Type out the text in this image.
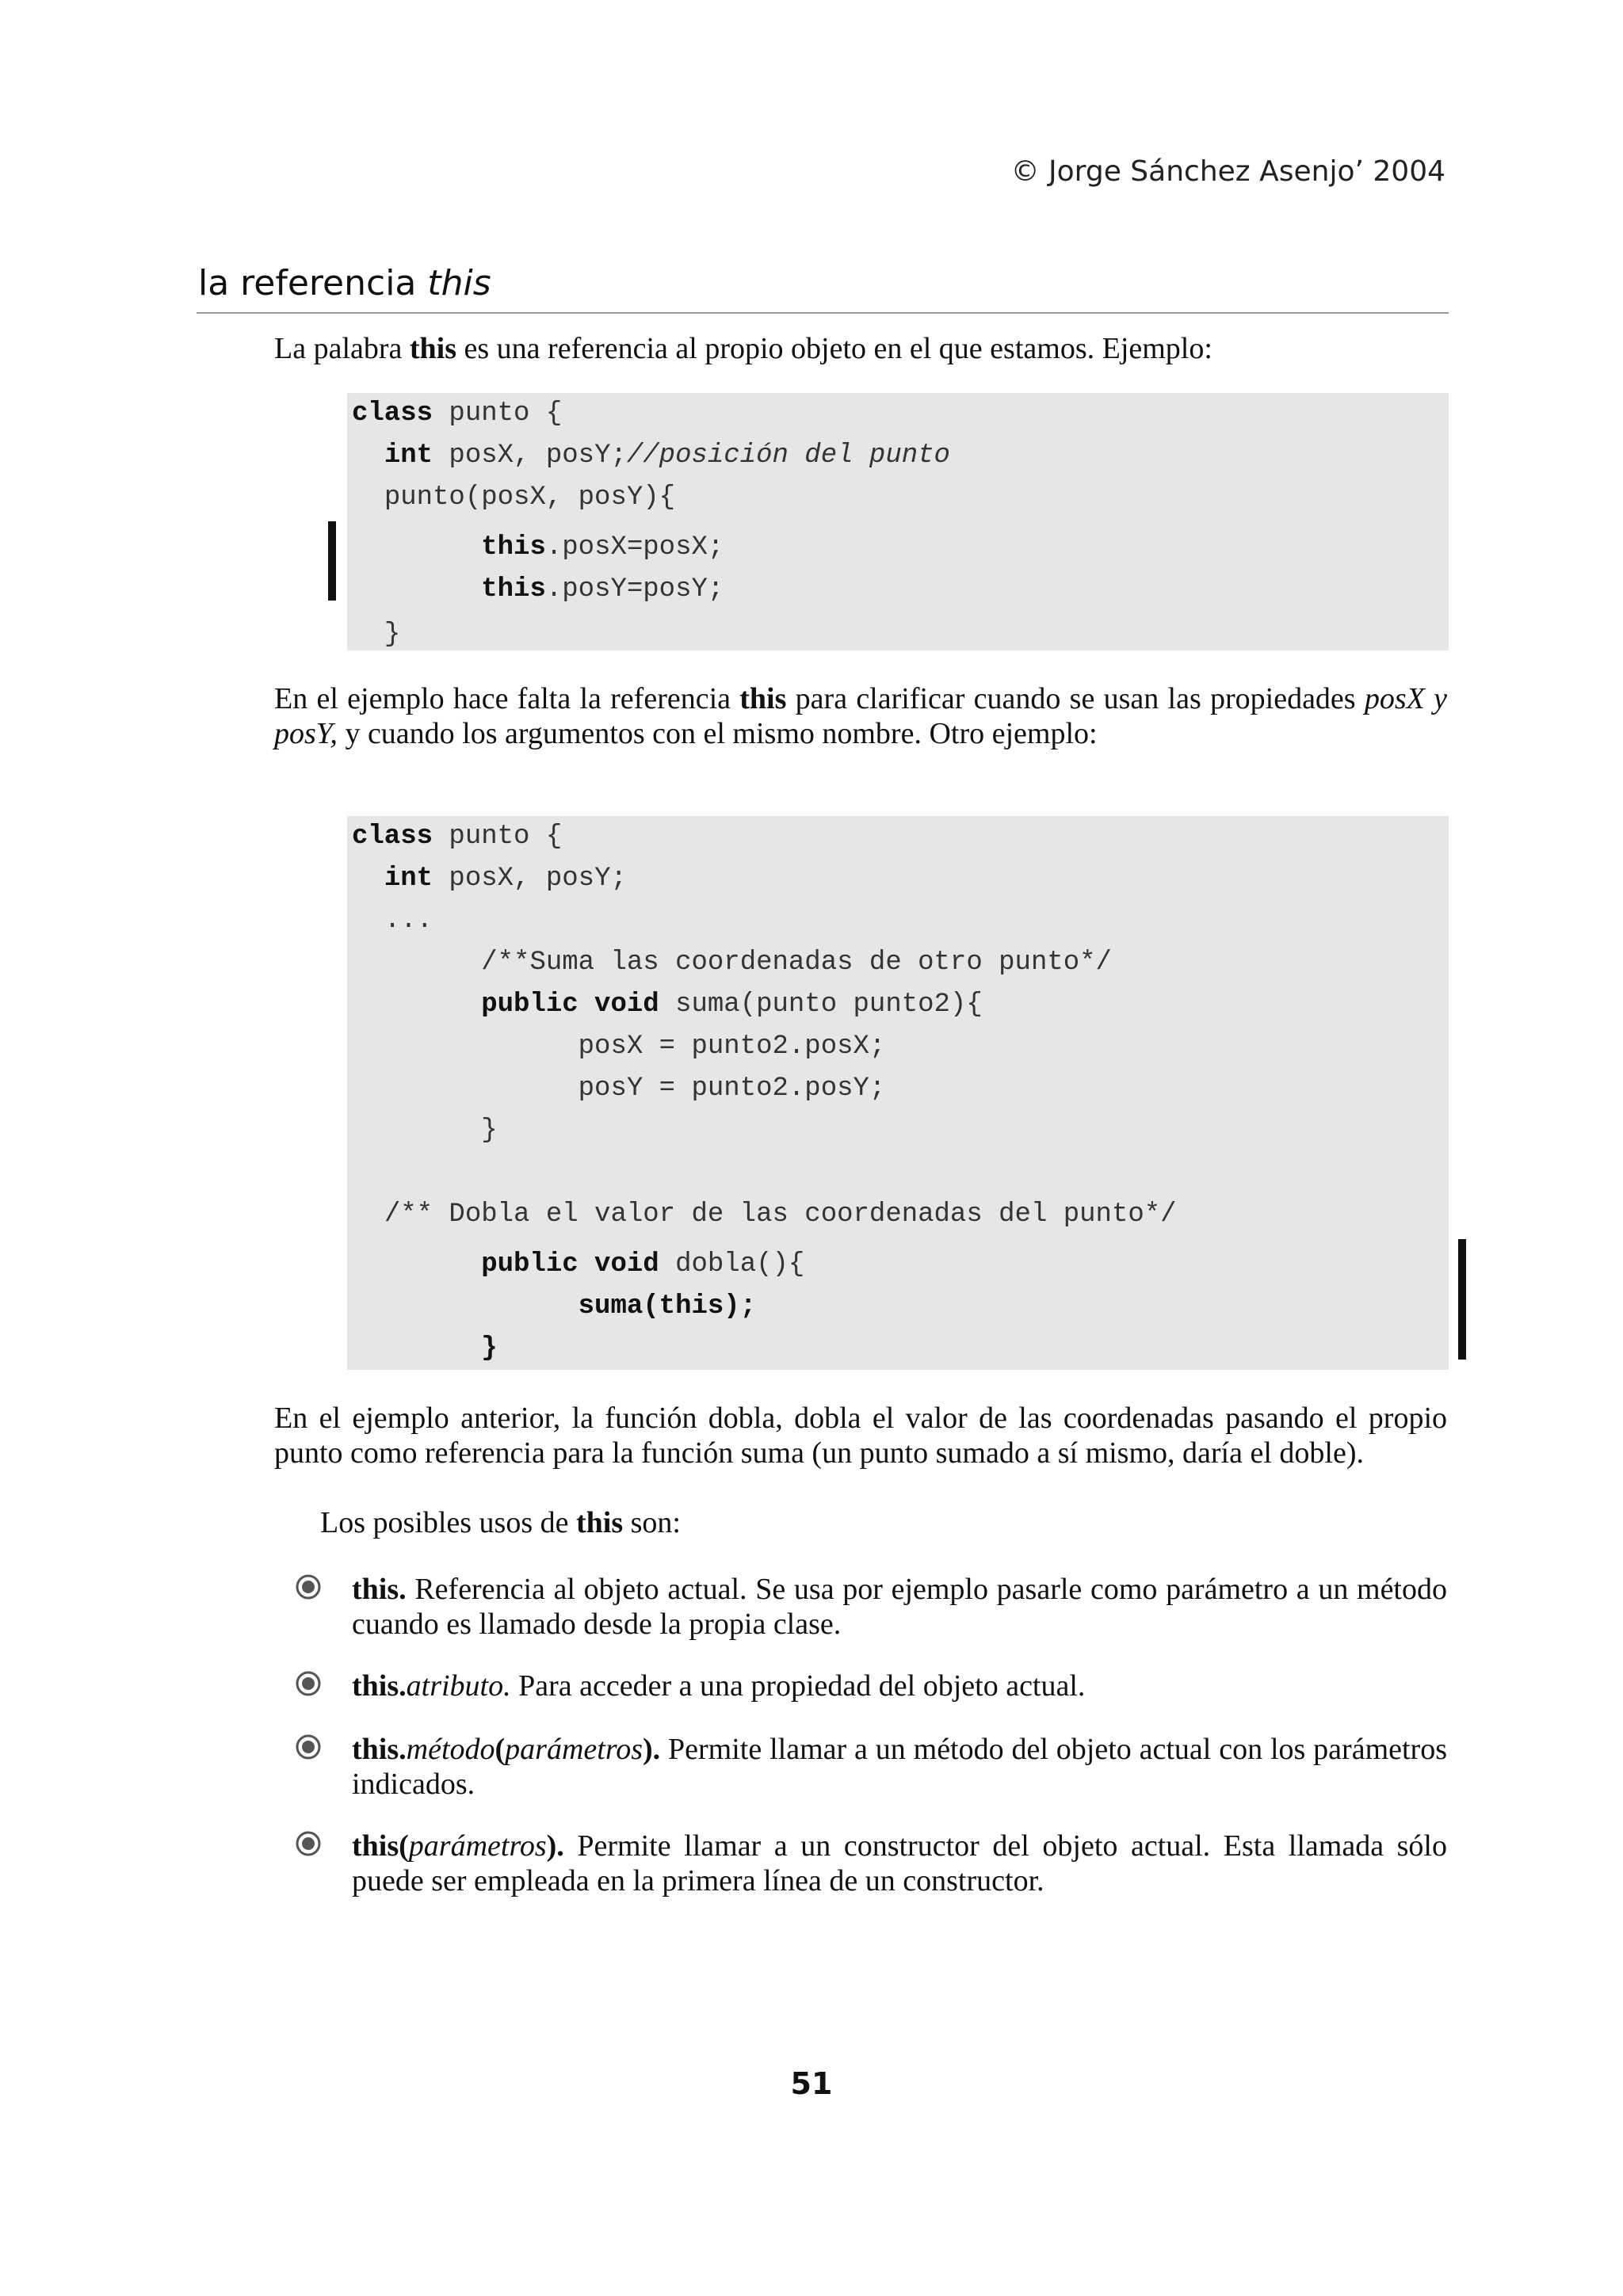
© Jorge Sánchez Asenjo’ 2004
la referencia this

La palabra this es una referencia al propio objeto en el que estamos. Ejemplo:

class punto {
int posX, posY;//posición del punto
punto(posX, posY){
this.posX=posX;
this.posY=posY;
}

En el ejemplo hace falta la referencia this para clarificar cuando se usan las propiedades posX y posY, y cuando los argumentos con el mismo nombre. Otro ejemplo:

class punto {
int posX, posY;
...
/**Suma las coordenadas de otro punto*/
public void suma(punto punto2){
posX = punto2.posX;
posY = punto2.posY;
}
/** Dobla el valor de las coordenadas del punto*/
public void dobla(){
suma(this);
}

En el ejemplo anterior, la función dobla, dobla el valor de las coordenadas pasando el propio punto como referencia para la función suma (un punto sumado a sí mismo, daría el doble).

Los posibles usos de this son:

this. Referencia al objeto actual. Se usa por ejemplo pasarle como parámetro a un método cuando es llamado desde la propia clase.
this.atributo. Para acceder a una propiedad del objeto actual.
this.método(parámetros). Permite llamar a un método del objeto actual con los parámetros indicados.
this(parámetros). Permite llamar a un constructor del objeto actual. Esta llamada sólo puede ser empleada en la primera línea de un constructor.
51
